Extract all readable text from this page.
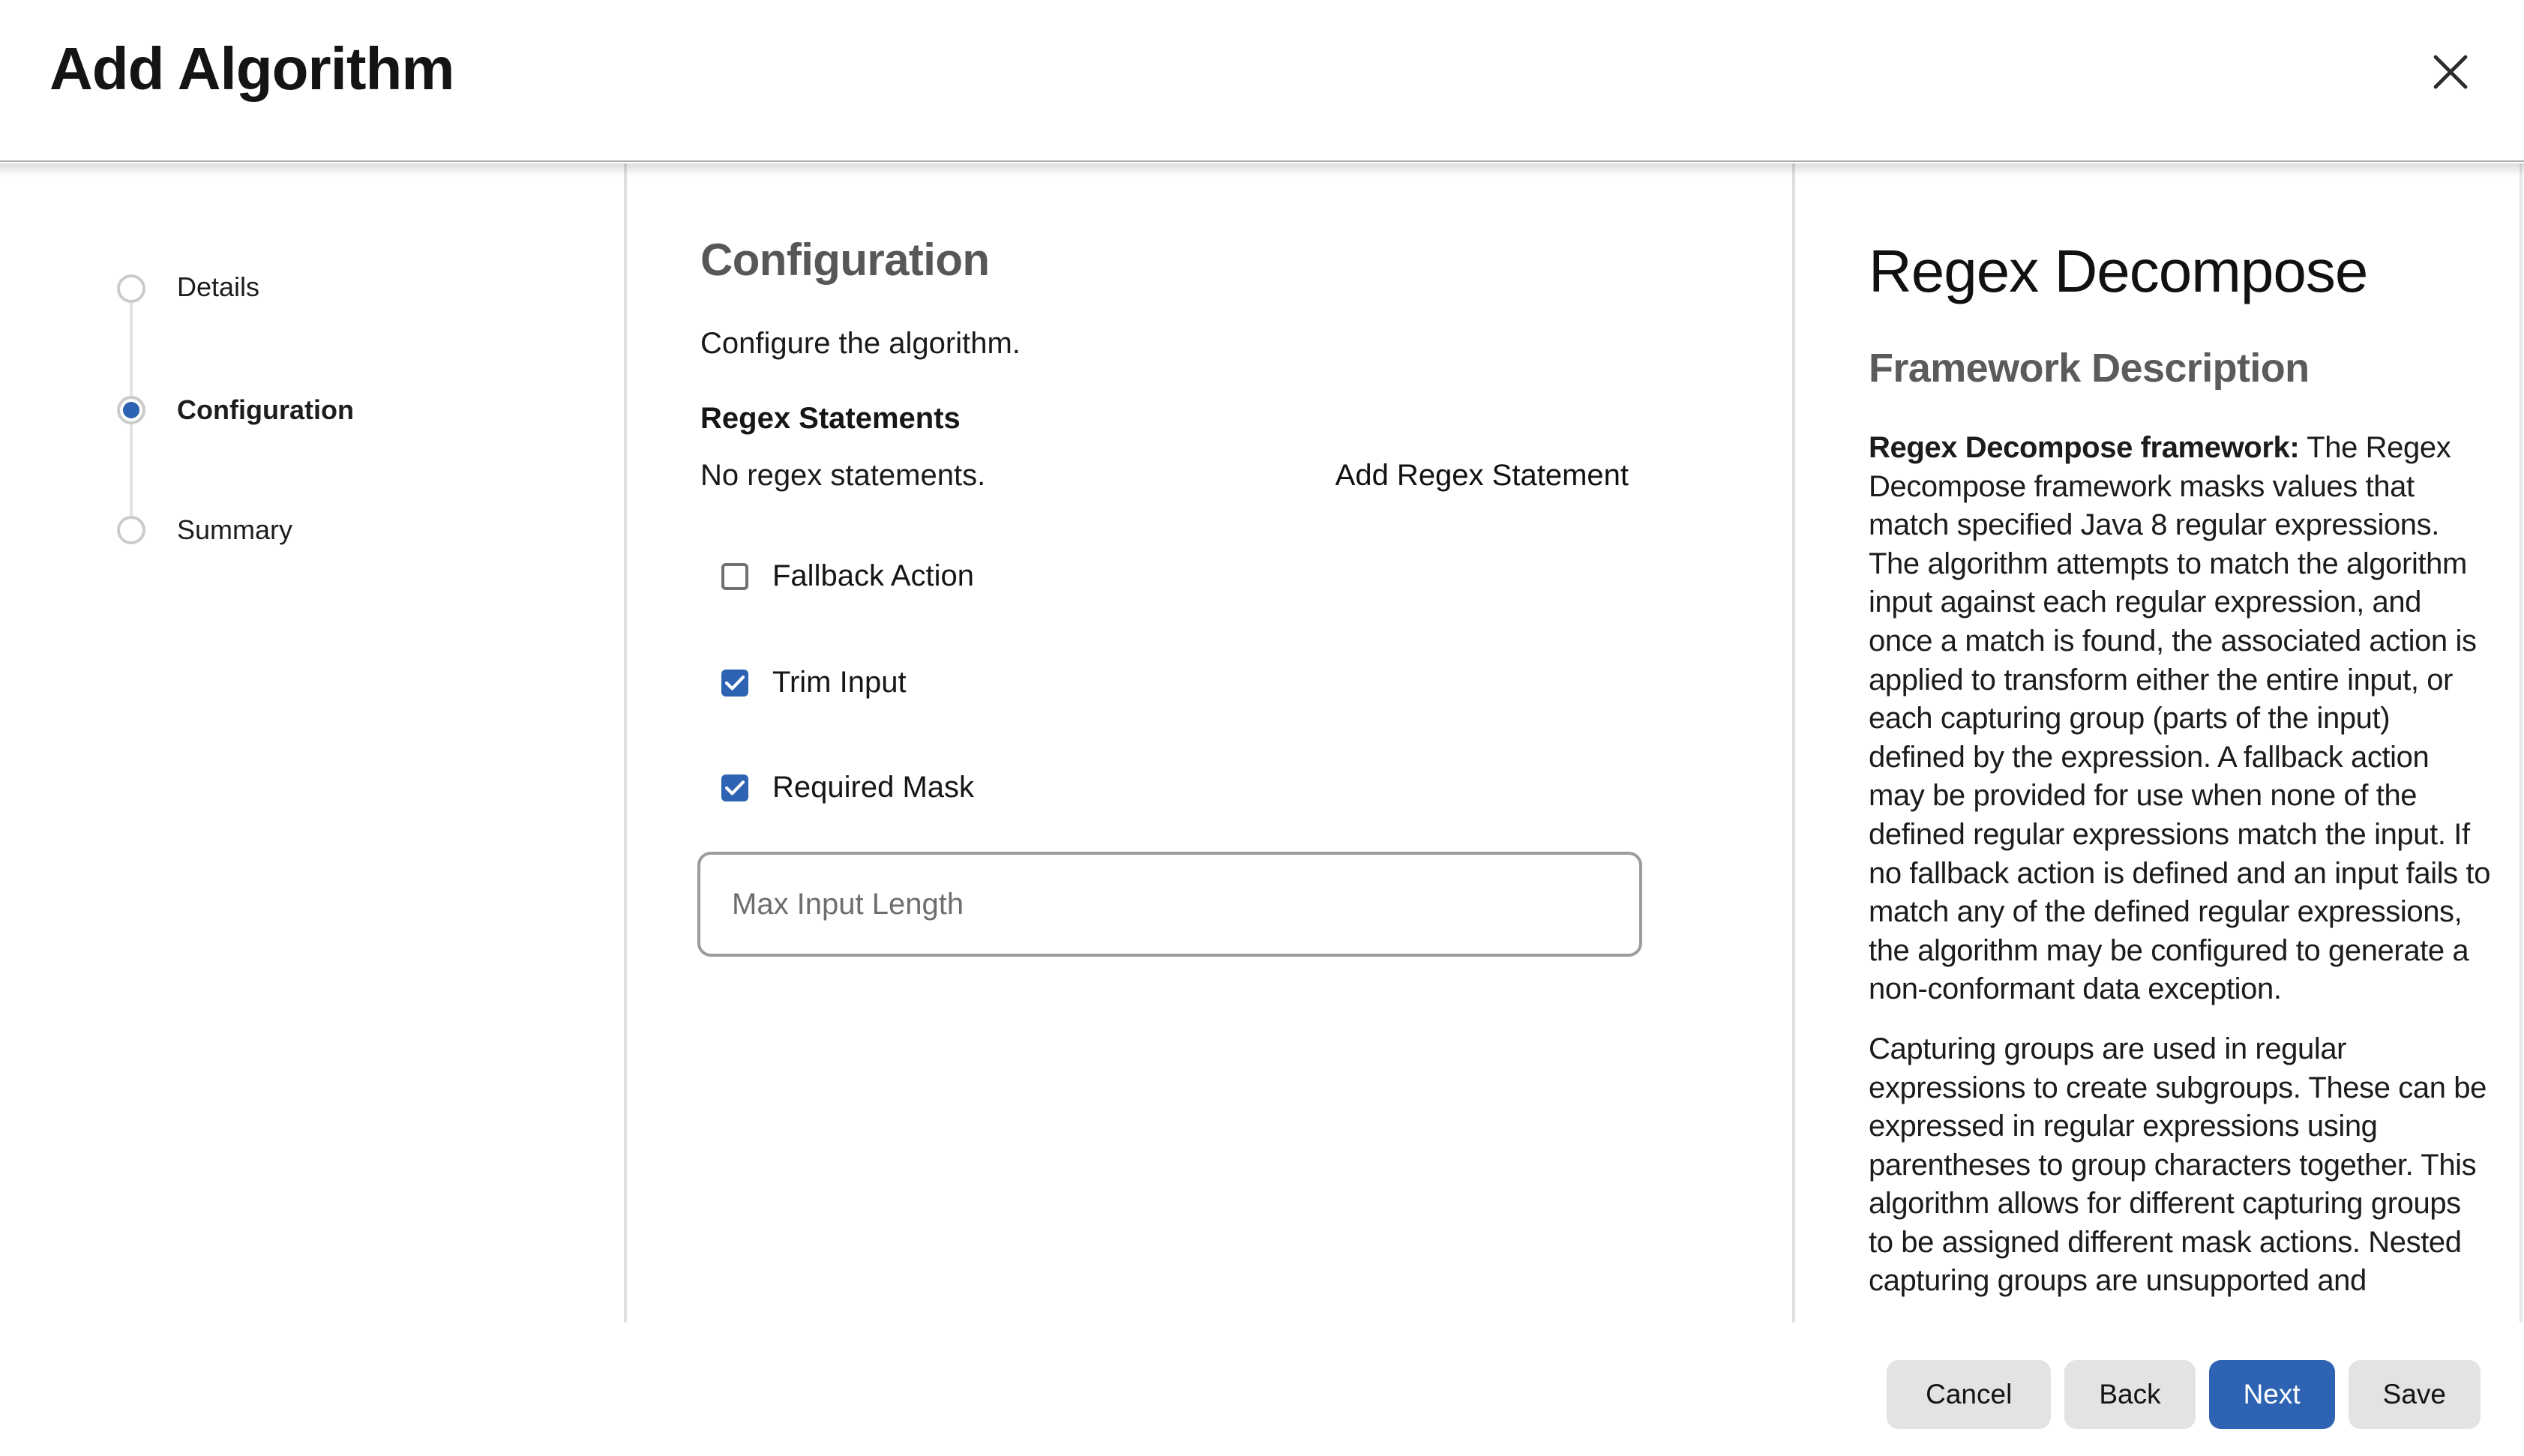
Add Algorithm
Details
Configuration
Summary
Configuration
Configure the algorithm.
Regex Statements
No regex statements.	Add Regex Statement
Fallback Action
Trim Input
Required Mask
Max Input Length
Regex Decompose
Framework Description

Regex Decompose framework: The Regex Decompose framework masks values that match specified Java 8 regular expressions. The algorithm attempts to match the algorithm input against each regular expression, and once a match is found, the associated action is applied to transform either the entire input, or each capturing group (parts of the input) defined by the expression. A fallback action may be provided for use when none of the defined regular expressions match the input. If no fallback action is defined and an input fails to match any of the defined regular expressions, the algorithm may be configured to generate a non-conformant data exception.

Capturing groups are used in regular expressions to create subgroups. These can be expressed in regular expressions using parentheses to group characters together. This algorithm allows for different capturing groups to be assigned different mask actions. Nested capturing groups are unsupported and

Cancel	Back	Next	Save
